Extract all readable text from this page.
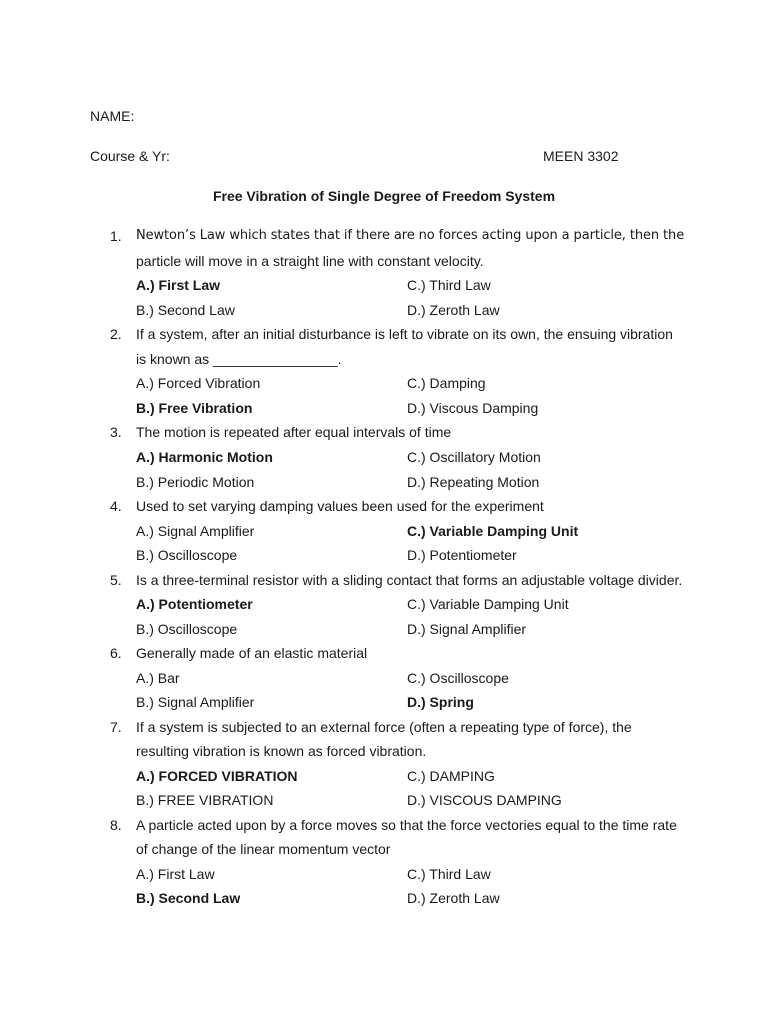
NAME:
Course & Yr:	MEEN 3302
Free Vibration of Single Degree of Freedom System
1.	Newton’s Law which states that if there are no forces acting upon a particle, then the
particle will move in a straight line with constant velocity.
A.) First Law	C.) Third Law
B.) Second Law	D.) Zeroth Law
2.	If a system, after an initial disturbance is left to vibrate on its own, the ensuing vibration
is known as ________________.
A.) Forced Vibration	C.) Damping
B.) Free Vibration	D.) Viscous Damping
3.	The motion is repeated after equal intervals of time
A.) Harmonic Motion	C.) Oscillatory Motion
B.) Periodic Motion	D.) Repeating Motion
4.	Used to set varying damping values been used for the experiment
A.) Signal Amplifier	C.) Variable Damping Unit
B.) Oscilloscope	D.) Potentiometer
5.	Is a three-terminal resistor with a sliding contact that forms an adjustable voltage divider.
A.) Potentiometer	C.) Variable Damping Unit
B.) Oscilloscope	D.) Signal Amplifier
6.	Generally made of an elastic material
A.) Bar	C.) Oscilloscope
B.) Signal Amplifier	D.) Spring
7.	If a system is subjected to an external force (often a repeating type of force), the
resulting vibration is known as forced vibration.
A.) FORCED VIBRATION	C.) DAMPING
B.) FREE VIBRATION	D.) VISCOUS DAMPING
8.	A particle acted upon by a force moves so that the force vectories equal to the time rate
of change of the linear momentum vector
A.) First Law	C.) Third Law
B.) Second Law	D.) Zeroth Law
